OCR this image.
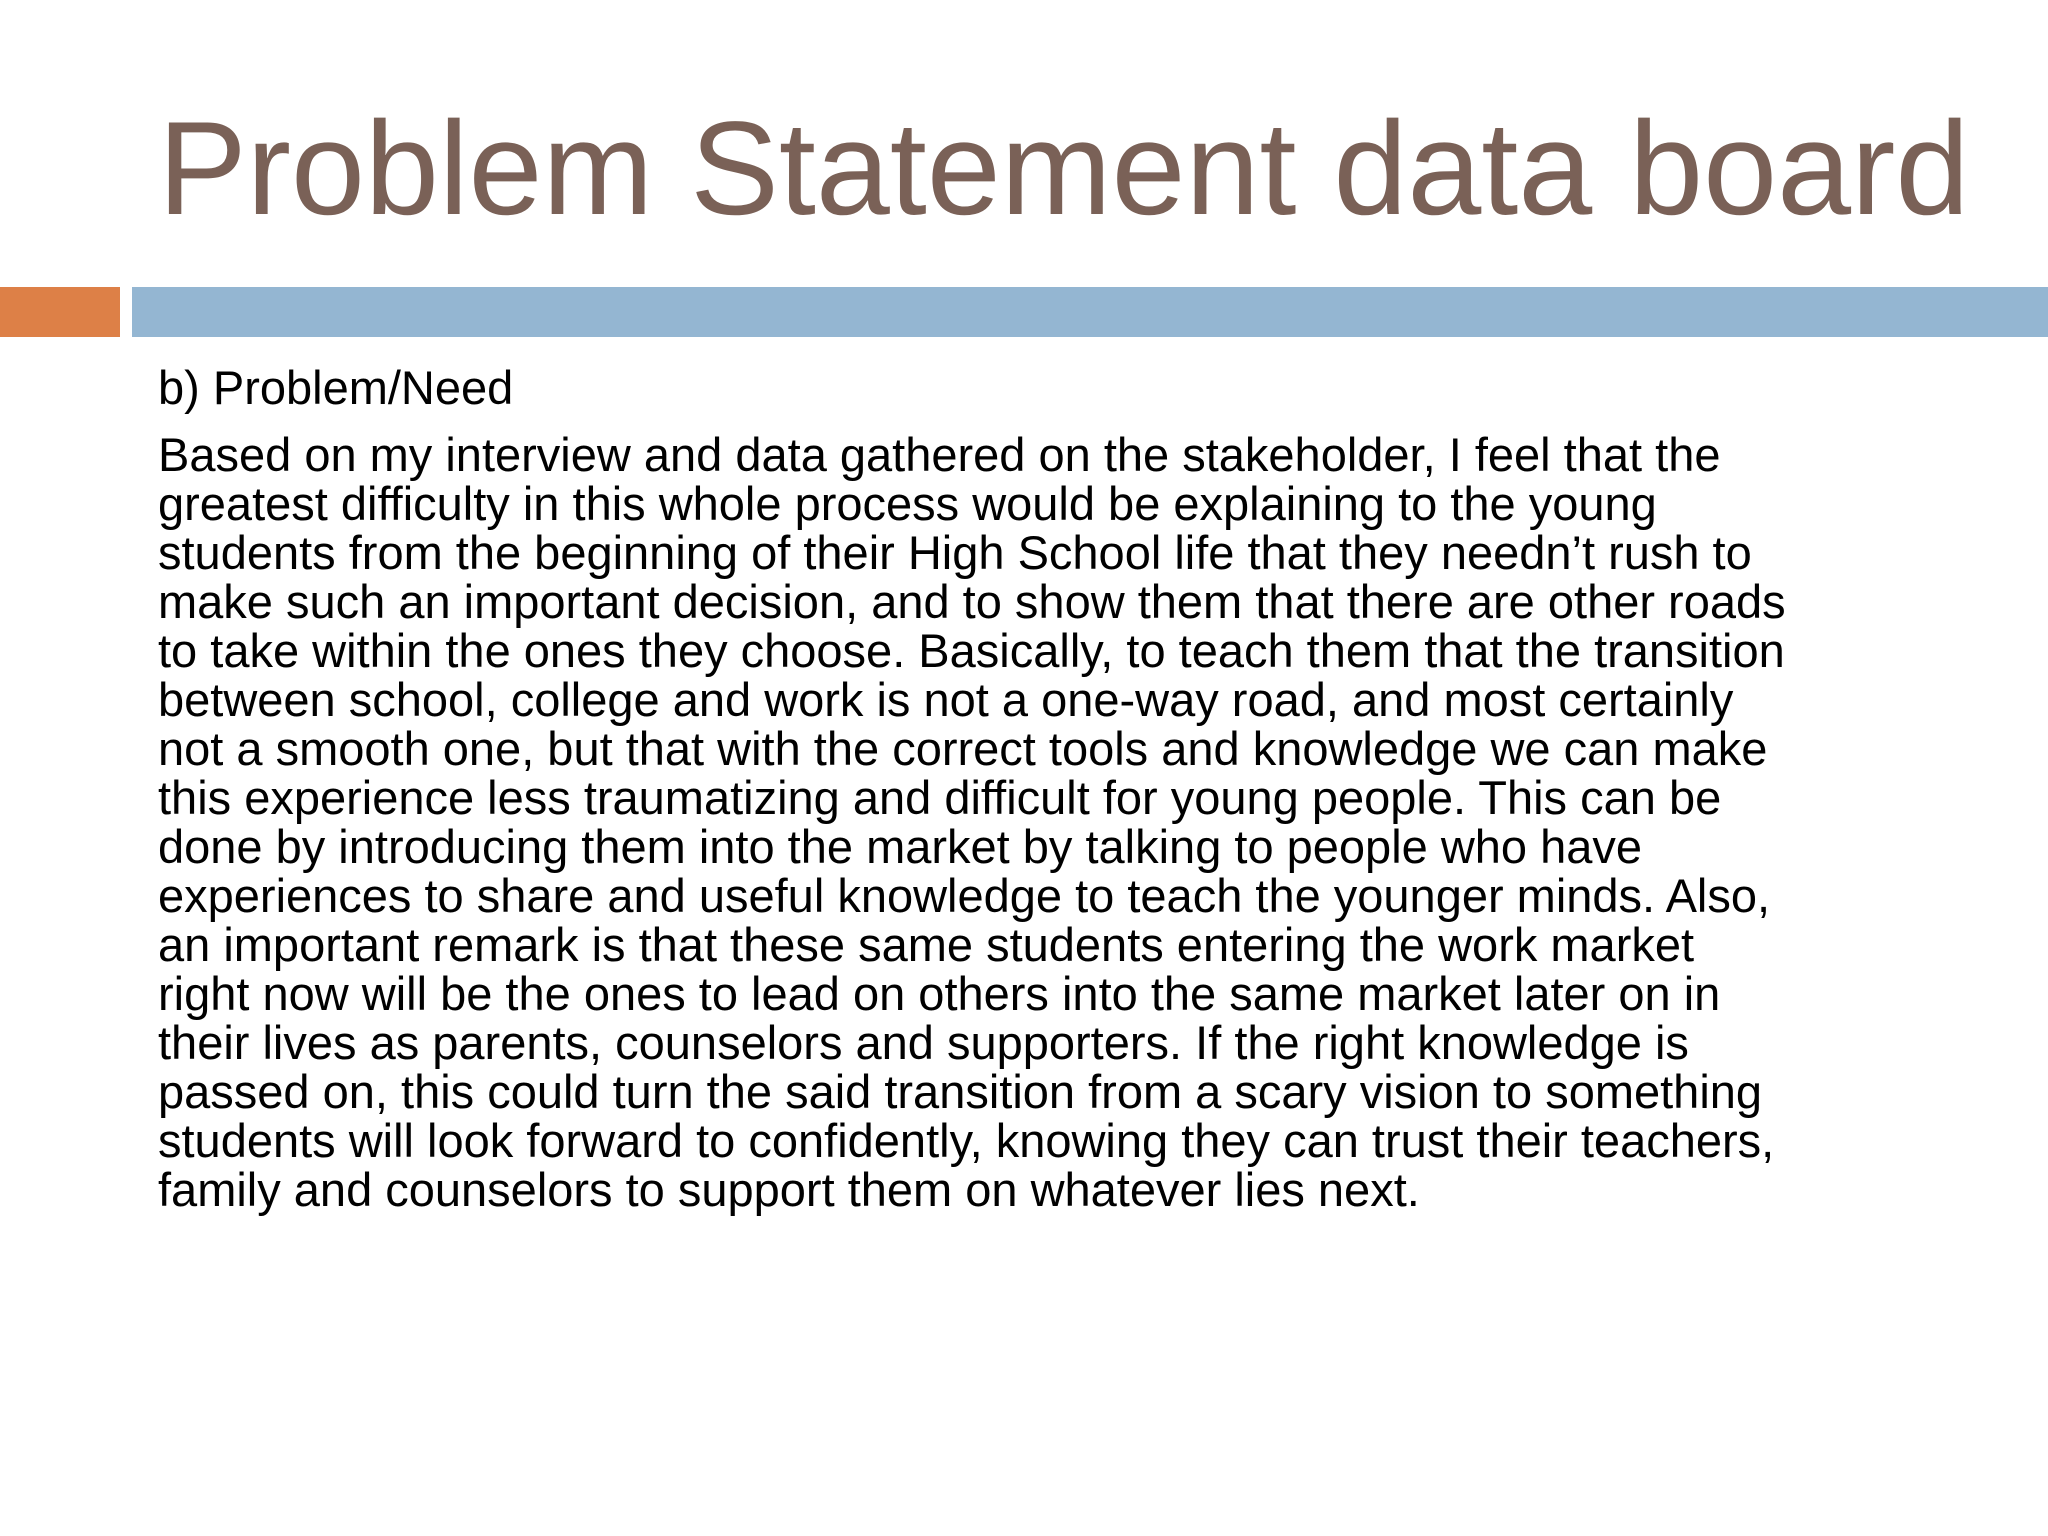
Problem Statement data board

b) Problem/Need

Based on my interview and data gathered on the stakeholder, I feel that the

greatest difficulty in this whole process would be explaining to the young

students from the beginning of their High School life that they needn’t rush to

make such an important decision, and to show them that there are other roads

to take within the ones they choose. Basically, to teach them that the transition

between school, college and work is not a one-way road, and most certainly

not a smooth one, but that with the correct tools and knowledge we can make

this experience less traumatizing and difficult for young people. This can be

done by introducing them into the market by talking to people who have

experiences to share and useful knowledge to teach the younger minds. Also,

an important remark is that these same students entering the work market

right now will be the ones to lead on others into the same market later on in

their lives as parents, counselors and supporters. If the right knowledge is

passed on, this could turn the said transition from a scary vision to something

students will look forward to confidently, knowing they can trust their teachers,

family and counselors to support them on whatever lies next.
